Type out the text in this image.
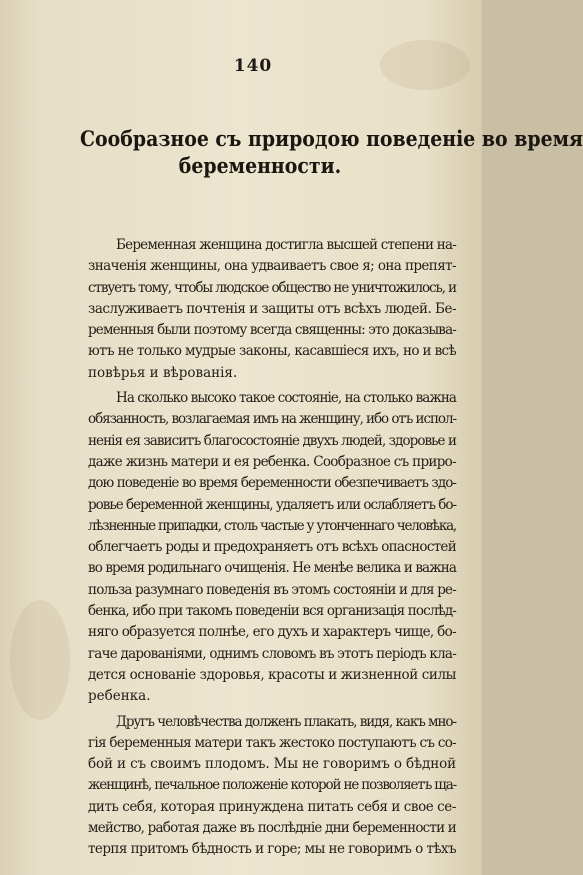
140
Сообразное съ природою поведеніе во время
беременности.
Беременная женщина достигла высшей степени на-
значенія женщины, она удваиваетъ свое я; она препят-
ствуетъ тому, чтобы людское общество не уничтожилось, и
заслуживаетъ почтенія и защиты отъ всѣхъ людей. Бе-
ременныя были поэтому всегда священны: это доказыва-
ютъ не только мудрые законы, касавшіеся ихъ, но и всѣ
повѣрья и вѣрованія.
На сколько высоко такое состояніе, на столько важна
обязанность, возлагаемая имъ на женщину, ибо отъ испол-
ненія ея зависитъ благосостояніе двухъ людей, здоровье и
даже жизнь матери и ея ребенка. Сообразное съ приро-
дою поведеніе во время беременности обезпечиваетъ здо-
ровье беременной женщины, удаляетъ или ослабляетъ бо-
лѣзненные припадки, столь частые у утонченнаго человѣка,
облегчаетъ роды и предохраняетъ отъ всѣхъ опасностей
во время родильнаго очищенія. Не менѣе велика и важна
польза разумнаго поведенія въ этомъ состояніи и для ре-
бенка, ибо при такомъ поведеніи вся организація послѣд-
няго образуется полнѣе, его духъ и характеръ чище, бо-
гаче дарованіями, однимъ словомъ въ этотъ періодъ кла-
дется основаніе здоровья, красоты и жизненной силы
ребенка.
Другъ человѣчества долженъ плакать, видя, какъ мно-
гія беременныя матери такъ жестоко поступаютъ съ со-
бой и съ своимъ плодомъ. Мы не говоримъ о бѣдной
женщинѣ, печальное положеніе которой не позволяетъ ща-
дить себя, которая принуждена питать себя и свое се-
мейство, работая даже въ послѣдніе дни беременности и
терпя притомъ бѣдность и горе; мы не говоримъ о тѣхъ
